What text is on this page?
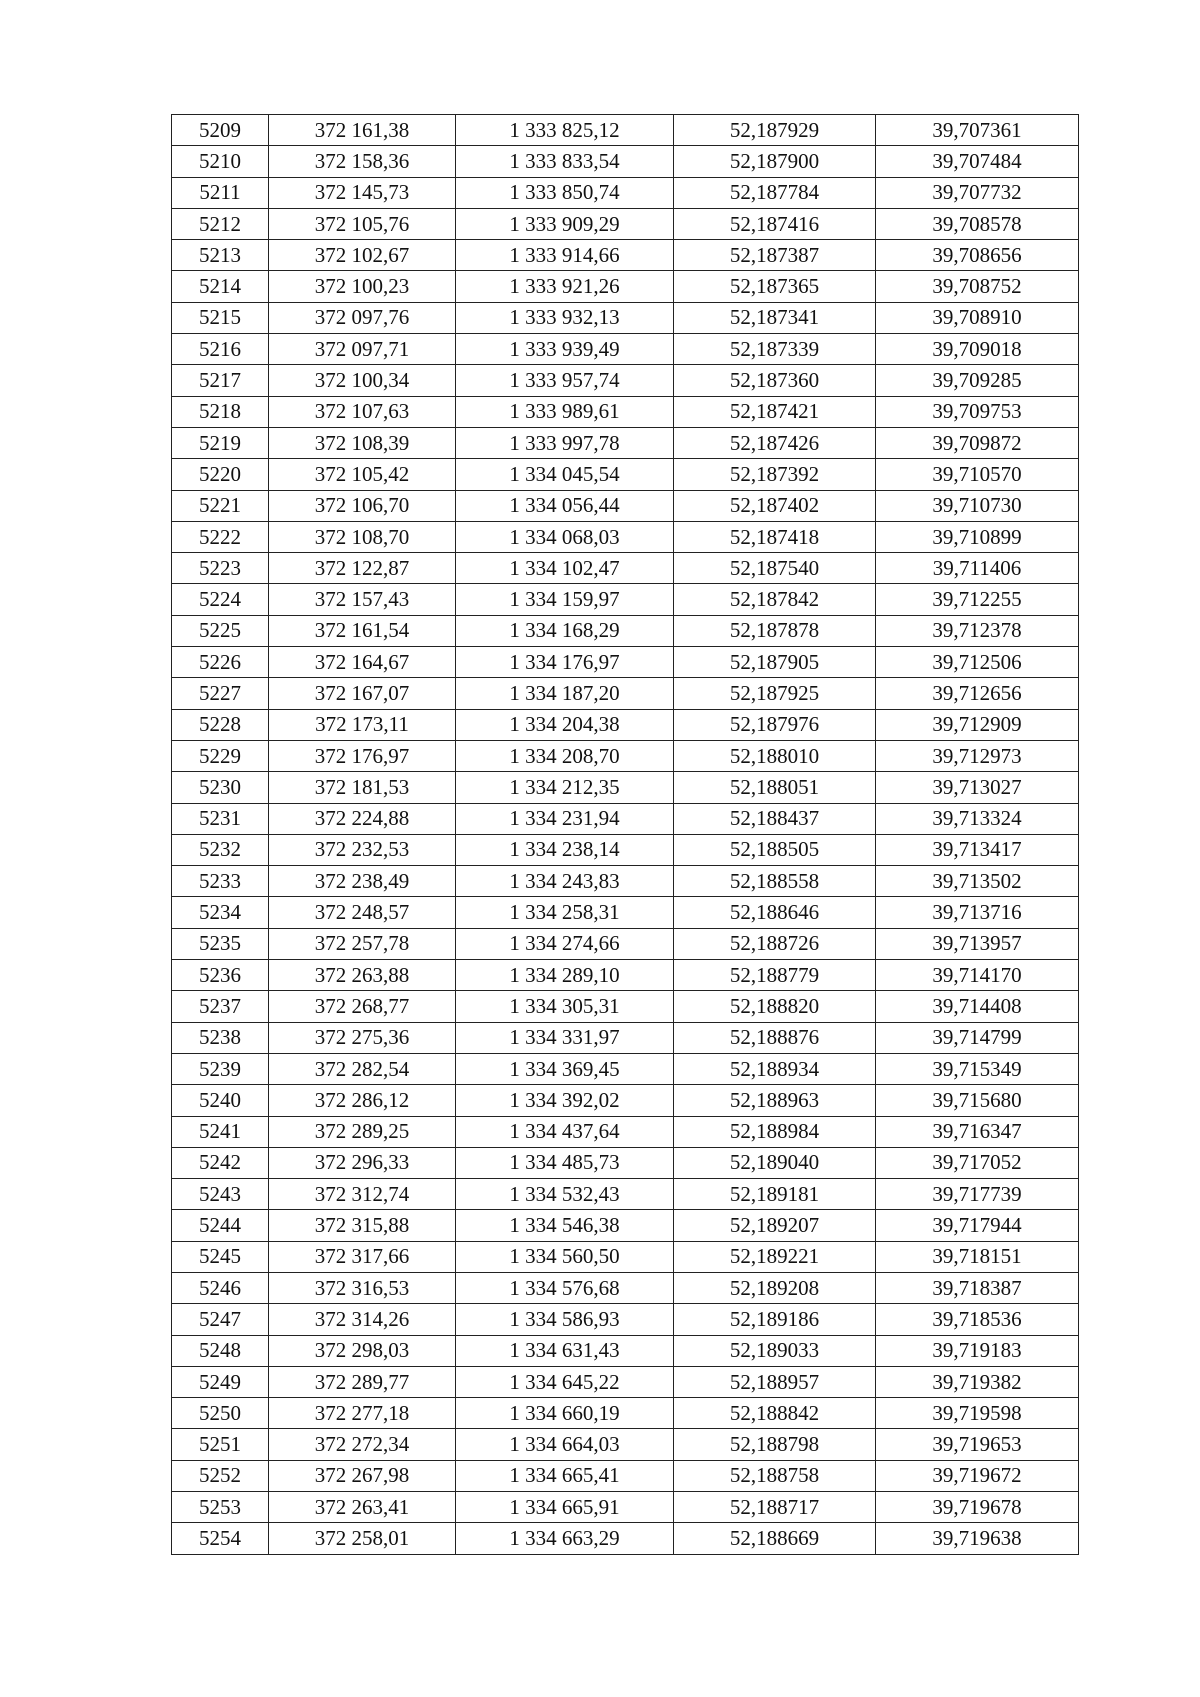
5209	372 161,38	1 333 825,12	52,187929	39,707361
5210	372 158,36	1 333 833,54	52,187900	39,707484
5211	372 145,73	1 333 850,74	52,187784	39,707732
5212	372 105,76	1 333 909,29	52,187416	39,708578
5213	372 102,67	1 333 914,66	52,187387	39,708656
5214	372 100,23	1 333 921,26	52,187365	39,708752
5215	372 097,76	1 333 932,13	52,187341	39,708910
5216	372 097,71	1 333 939,49	52,187339	39,709018
5217	372 100,34	1 333 957,74	52,187360	39,709285
5218	372 107,63	1 333 989,61	52,187421	39,709753
5219	372 108,39	1 333 997,78	52,187426	39,709872
5220	372 105,42	1 334 045,54	52,187392	39,710570
5221	372 106,70	1 334 056,44	52,187402	39,710730
5222	372 108,70	1 334 068,03	52,187418	39,710899
5223	372 122,87	1 334 102,47	52,187540	39,711406
5224	372 157,43	1 334 159,97	52,187842	39,712255
5225	372 161,54	1 334 168,29	52,187878	39,712378
5226	372 164,67	1 334 176,97	52,187905	39,712506
5227	372 167,07	1 334 187,20	52,187925	39,712656
5228	372 173,11	1 334 204,38	52,187976	39,712909
5229	372 176,97	1 334 208,70	52,188010	39,712973
5230	372 181,53	1 334 212,35	52,188051	39,713027
5231	372 224,88	1 334 231,94	52,188437	39,713324
5232	372 232,53	1 334 238,14	52,188505	39,713417
5233	372 238,49	1 334 243,83	52,188558	39,713502
5234	372 248,57	1 334 258,31	52,188646	39,713716
5235	372 257,78	1 334 274,66	52,188726	39,713957
5236	372 263,88	1 334 289,10	52,188779	39,714170
5237	372 268,77	1 334 305,31	52,188820	39,714408
5238	372 275,36	1 334 331,97	52,188876	39,714799
5239	372 282,54	1 334 369,45	52,188934	39,715349
5240	372 286,12	1 334 392,02	52,188963	39,715680
5241	372 289,25	1 334 437,64	52,188984	39,716347
5242	372 296,33	1 334 485,73	52,189040	39,717052
5243	372 312,74	1 334 532,43	52,189181	39,717739
5244	372 315,88	1 334 546,38	52,189207	39,717944
5245	372 317,66	1 334 560,50	52,189221	39,718151
5246	372 316,53	1 334 576,68	52,189208	39,718387
5247	372 314,26	1 334 586,93	52,189186	39,718536
5248	372 298,03	1 334 631,43	52,189033	39,719183
5249	372 289,77	1 334 645,22	52,188957	39,719382
5250	372 277,18	1 334 660,19	52,188842	39,719598
5251	372 272,34	1 334 664,03	52,188798	39,719653
5252	372 267,98	1 334 665,41	52,188758	39,719672
5253	372 263,41	1 334 665,91	52,188717	39,719678
5254	372 258,01	1 334 663,29	52,188669	39,719638
